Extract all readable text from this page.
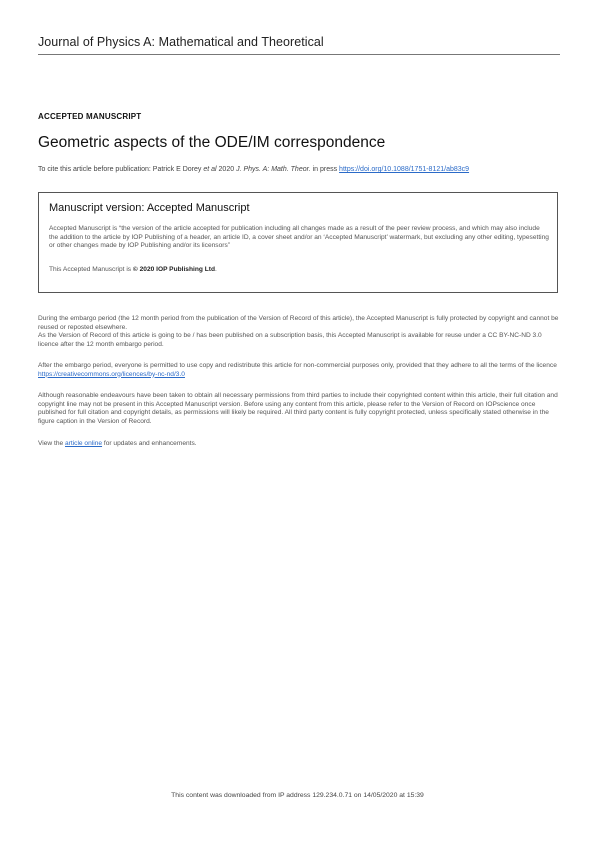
Journal of Physics A: Mathematical and Theoretical
ACCEPTED MANUSCRIPT
Geometric aspects of the ODE/IM correspondence
To cite this article before publication: Patrick E Dorey et al 2020 J. Phys. A: Math. Theor. in press https://doi.org/10.1088/1751-8121/ab83c9
Manuscript version: Accepted Manuscript
Accepted Manuscript is “the version of the article accepted for publication including all changes made as a result of the peer review process, and which may also include the addition to the article by IOP Publishing of a header, an article ID, a cover sheet and/or an ‘Accepted Manuscript’ watermark, but excluding any other editing, typesetting or other changes made by IOP Publishing and/or its licensors”
This Accepted Manuscript is © 2020 IOP Publishing Ltd.
During the embargo period (the 12 month period from the publication of the Version of Record of this article), the Accepted Manuscript is fully protected by copyright and cannot be reused or reposted elsewhere.
As the Version of Record of this article is going to be / has been published on a subscription basis, this Accepted Manuscript is available for reuse under a CC BY-NC-ND 3.0 licence after the 12 month embargo period.
After the embargo period, everyone is permitted to use copy and redistribute this article for non-commercial purposes only, provided that they adhere to all the terms of the licence https://creativecommons.org/licences/by-nc-nd/3.0
Although reasonable endeavours have been taken to obtain all necessary permissions from third parties to include their copyrighted content within this article, their full citation and copyright line may not be present in this Accepted Manuscript version. Before using any content from this article, please refer to the Version of Record on IOPscience once published for full citation and copyright details, as permissions will likely be required. All third party content is fully copyright protected, unless specifically stated otherwise in the figure caption in the Version of Record.
View the article online for updates and enhancements.
This content was downloaded from IP address 129.234.0.71 on 14/05/2020 at 15:39
